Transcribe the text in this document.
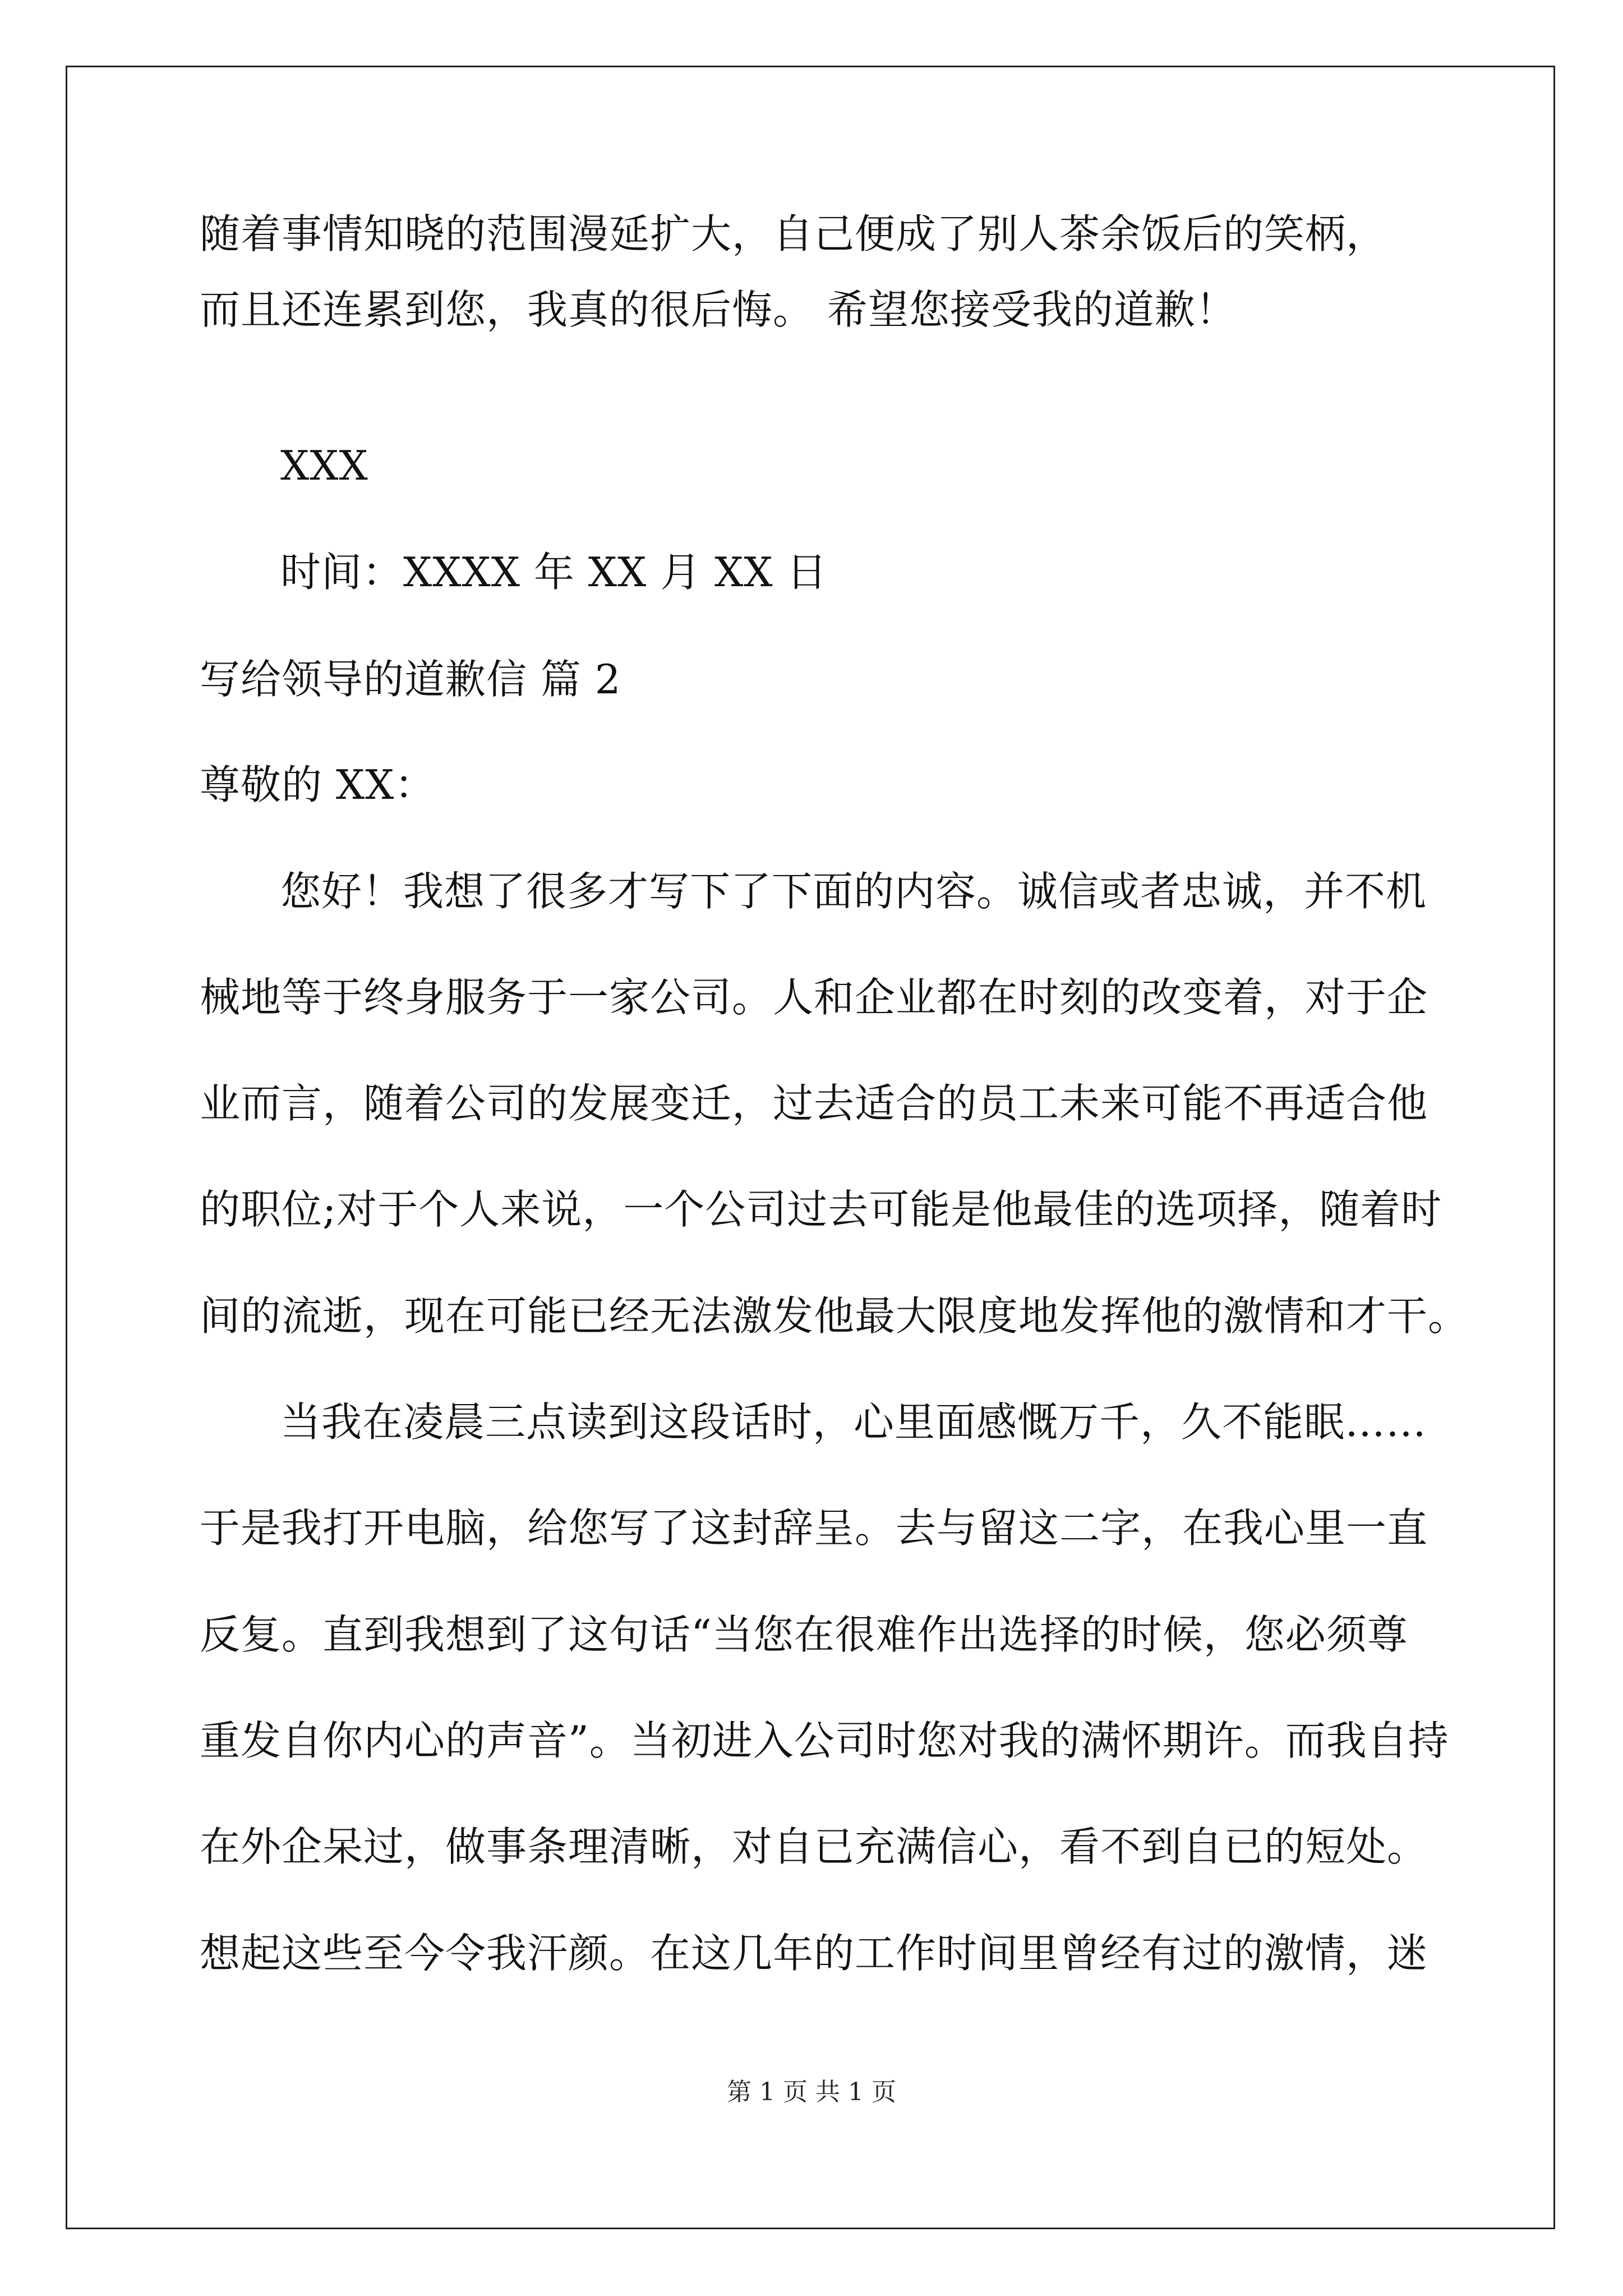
随着事情知晓的范围漫延扩大，自己便成了别人茶余饭后的笑柄，
而且还连累到您，我真的很后悔。 希望您接受我的道歉！
XXX
时间：XXXX 年 XX 月 XX 日
写给领导的道歉信 篇 2
尊敬的 XX：
您好！我想了很多才写下了下面的内容。诚信或者忠诚，并不机
械地等于终身服务于一家公司。人和企业都在时刻的改变着，对于企
业而言，随着公司的发展变迁，过去适合的员工未来可能不再适合他
的职位;对于个人来说，一个公司过去可能是他最佳的选项择，随着时
间的流逝，现在可能已经无法激发他最大限度地发挥他的激情和才干。
当我在凌晨三点读到这段话时，心里面感慨万千，久不能眠……
于是我打开电脑，给您写了这封辞呈。去与留这二字，在我心里一直
反复。直到我想到了这句话“当您在很难作出选择的时候，您必须尊
重发自你内心的声音”。当初进入公司时您对我的满怀期许。而我自持
在外企呆过，做事条理清晰，对自已充满信心，看不到自已的短处。
想起这些至今令我汗颜。在这几年的工作时间里曾经有过的激情，迷
第 1 页 共 1 页
